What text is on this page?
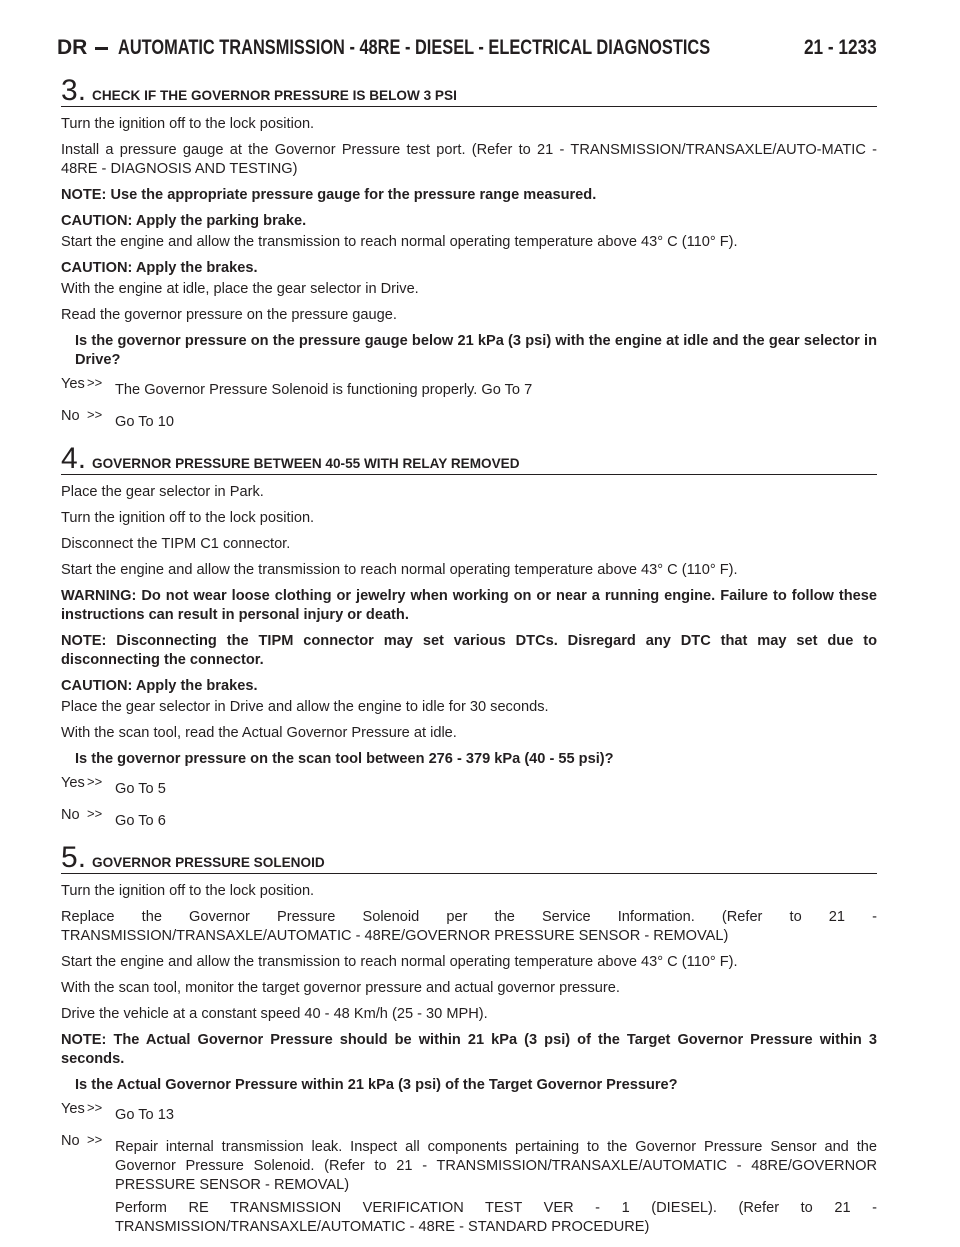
DR AUTOMATIC TRANSMISSION - 48RE - DIESEL - ELECTRICAL DIAGNOSTICS	21 - 1233
3 . CHECK IF THE GOVERNOR PRESSURE IS BELOW 3 PSI

Turn the ignition off to the lock position.

Install a pressure gauge at the Governor Pressure test port. (Refer to 21 - TRANSMISSION/TRANSAXLE/AUTO-MATIC - 48RE - DIAGNOSIS AND TESTING)

NOTE: Use the appropriate pressure gauge for the pressure range measured.

CAUTION: Apply the parking brake.

Start the engine and allow the transmission to reach normal operating temperature above 43° C (110° F).

CAUTION: Apply the brakes.

With the engine at idle, place the gear selector in Drive.

Read the governor pressure on the pressure gauge.

Is the governor pressure on the pressure gauge below 21 kPa (3 psi) with the engine at idle and the gear selector in Drive?

Yes >> The Governor Pressure Solenoid is functioning properly. Go To 7

No >> Go To 10

4 . GOVERNOR PRESSURE BETWEEN 40-55 WITH RELAY REMOVED

Place the gear selector in Park.

Turn the ignition off to the lock position.

Disconnect the TIPM C1 connector.

Start the engine and allow the transmission to reach normal operating temperature above 43° C (110° F).

WARNING: Do not wear loose clothing or jewelry when working on or near a running engine. Failure to follow these instructions can result in personal injury or death.

NOTE: Disconnecting the TIPM connector may set various DTCs. Disregard any DTC that may set due to disconnecting the connector.

CAUTION: Apply the brakes.

Place the gear selector in Drive and allow the engine to idle for 30 seconds.

With the scan tool, read the Actual Governor Pressure at idle.

Is the governor pressure on the scan tool between 276 - 379 kPa (40 - 55 psi)?

Yes >> Go To 5

No >> Go To 6

5 . GOVERNOR PRESSURE SOLENOID

Turn the ignition off to the lock position.

Replace the Governor Pressure Solenoid per the Service Information. (Refer to 21 - TRANSMISSION/TRANSAXLE/AUTOMATIC - 48RE/GOVERNOR PRESSURE SENSOR - REMOVAL)

Start the engine and allow the transmission to reach normal operating temperature above 43° C (110° F).

With the scan tool, monitor the target governor pressure and actual governor pressure.

Drive the vehicle at a constant speed 40 - 48 Km/h (25 - 30 MPH).

NOTE: The Actual Governor Pressure should be within 21 kPa (3 psi) of the Target Governor Pressure within 3 seconds.

Is the Actual Governor Pressure within 21 kPa (3 psi) of the Target Governor Pressure?

Yes >> Go To 13

No >> Repair internal transmission leak. Inspect all components pertaining to the Governor Pressure Sensor and the Governor Pressure Solenoid. (Refer to 21 - TRANSMISSION/TRANSAXLE/AUTOMATIC - 48RE/GOVERNOR PRESSURE SENSOR - REMOVAL)

Perform RE TRANSMISSION VERIFICATION TEST VER - 1 (DIESEL). (Refer to 21 - TRANSMISSION/TRANSAXLE/AUTOMATIC - 48RE - STANDARD PROCEDURE)
